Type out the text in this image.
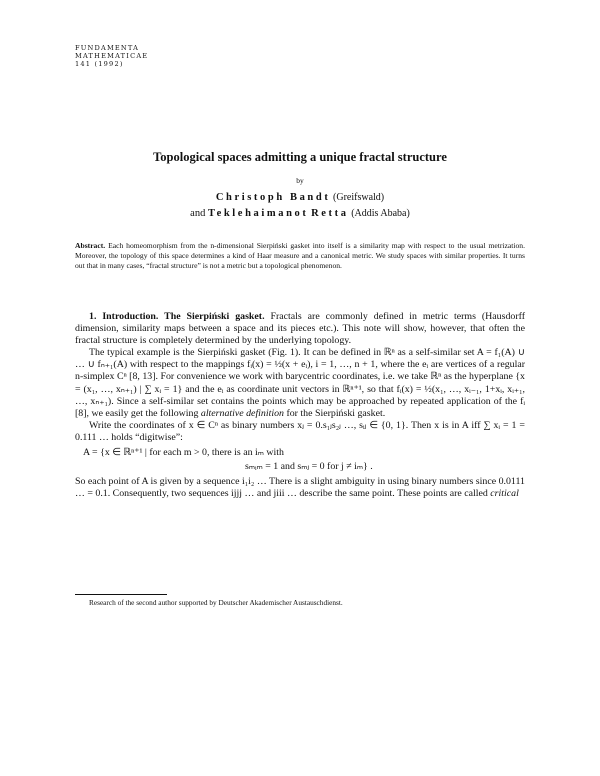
FUNDAMENTA
MATHEMATICAE
141 (1992)
Topological spaces admitting a unique fractal structure
by
Christoph Bandt (Greifswald)
and Teklehaimanot Retta (Addis Ababa)
Abstract. Each homeomorphism from the n-dimensional Sierpiński gasket into itself is a similarity map with respect to the usual metrization. Moreover, the topology of this space determines a kind of Haar measure and a canonical metric. We study spaces with similar properties. It turns out that in many cases, “fractal structure” is not a metric but a topological phenomenon.

1. Introduction. The Sierpiński gasket. Fractals are commonly defined in metric terms (Hausdorff dimension, similarity maps between a space and its pieces etc.). This note will show, however, that often the fractal structure is completely determined by the underlying topology.

The typical example is the Sierpiński gasket (Fig. 1). It can be defined in ℝⁿ as a self-similar set A = f₁(A) ∪ … ∪ fₙ₊₁(A) with respect to the mappings fᵢ(x) = ½(x + eᵢ), i = 1, …, n + 1, where the eᵢ are vertices of a regular n-simplex Cⁿ [8, 13]. For convenience we work with barycentric coordinates, i.e. we take ℝⁿ as the hyperplane {x = (x₁, …, xₙ₊₁) | ∑ xᵢ = 1} and the eᵢ as coordinate unit vectors in ℝⁿ⁺¹, so that fᵢ(x) = ½(x₁, …, xᵢ₋₁, 1+xᵢ, xᵢ₊₁, …, xₙ₊₁). Since a self-similar set contains the points which may be approached by repeated application of the fᵢ [8], we easily get the following alternative definition for the Sierpiński gasket.

Write the coordinates of x ∈ Cⁿ as binary numbers xⱼ = 0.s₁ⱼs₂ⱼ …, sᵢⱼ ∈ {0, 1}. Then x is in A iff ∑ xᵢ = 1 = 0.111 … holds “digitwise”:

A = {x ∈ ℝⁿ⁺¹ | for each m > 0, there is an iₘ with
sₘᵢₘ = 1 and sₘⱼ = 0 for j ≠ iₘ} .

So each point of A is given by a sequence i₁i₂ … There is a slight ambiguity in using binary numbers since 0.0111 … = 0.1. Consequently, two sequences ijjj … and jiii … describe the same point. These points are called critical

Research of the second author supported by Deutscher Akademischer Austauschdienst.
